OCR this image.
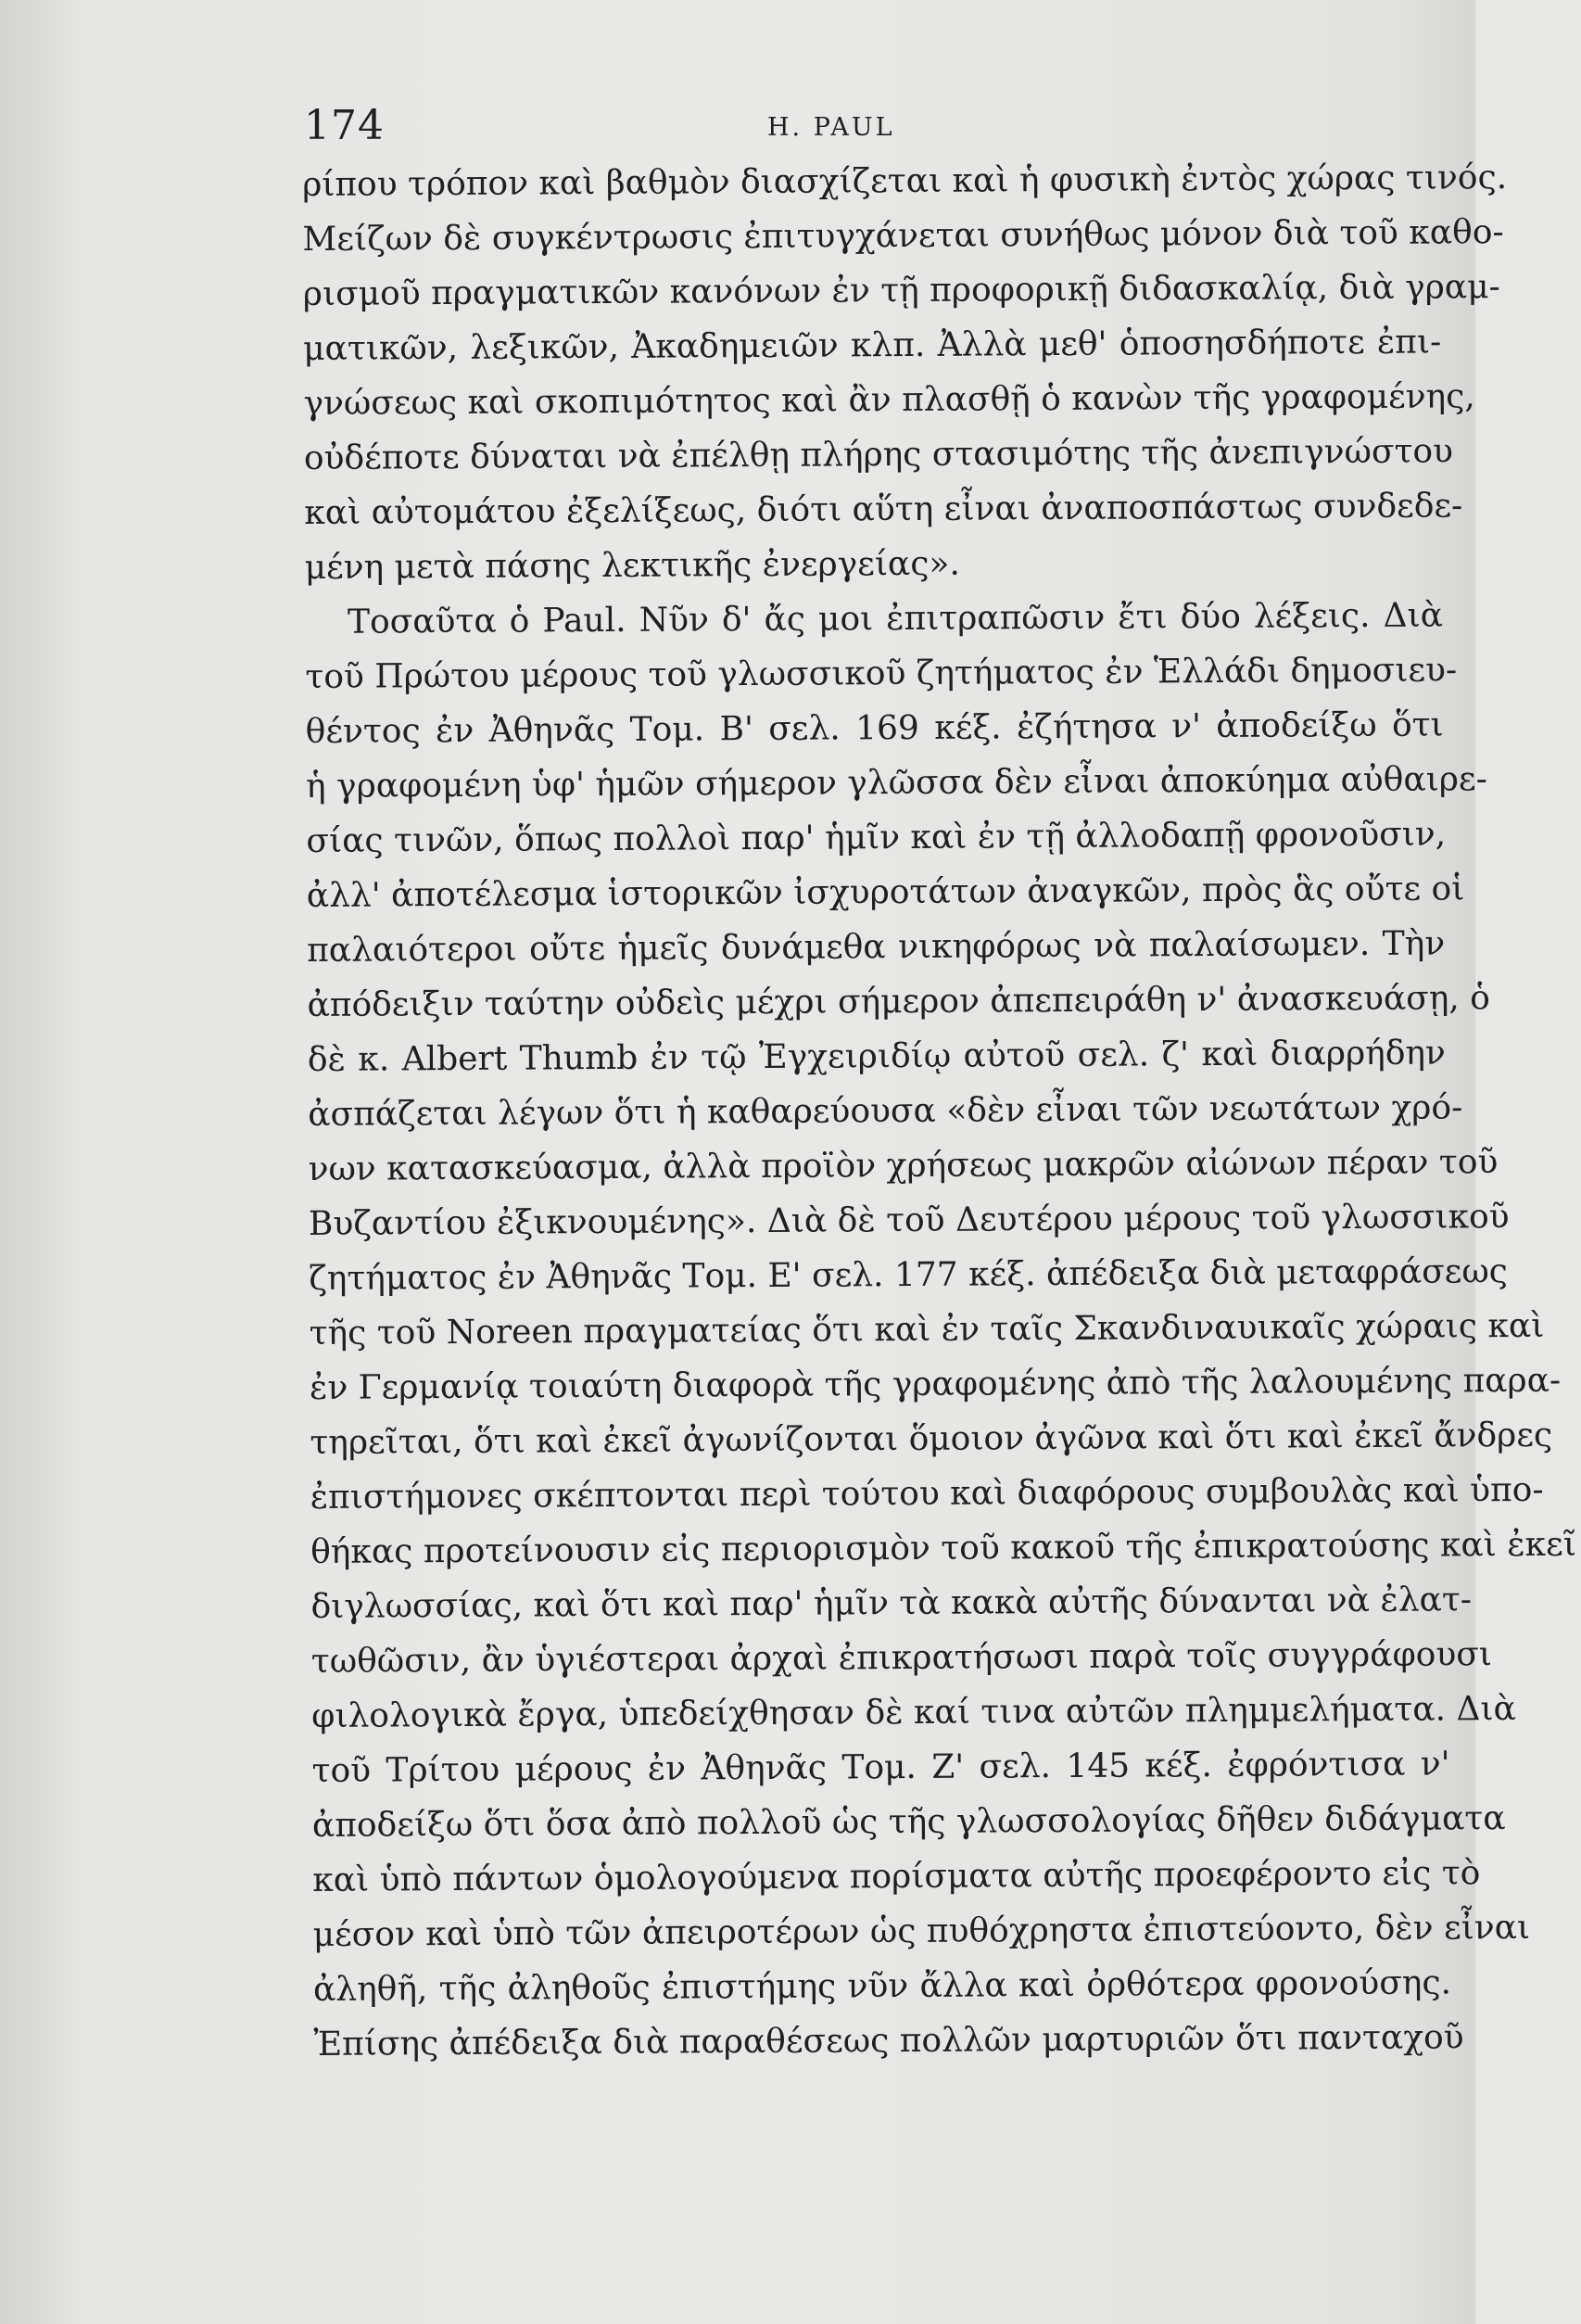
174	H. PAUL
ρίπου τρόπον καὶ βαθμὸν διασχίζεται καὶ ἡ φυσικὴ ἐντὸς χώρας τινός.
Μείζων δὲ συγκέντρωσις ἐπιτυγχάνεται συνήθως μόνον διὰ τοῦ καθο-
ρισμοῦ πραγματικῶν κανόνων ἐν τῇ προφορικῇ διδασκαλίᾳ, διὰ γραμ-
ματικῶν, λεξικῶν, Ἀκαδημειῶν κλπ. Ἀλλὰ μεθ' ὁποσησδήποτε ἐπι-
γνώσεως καὶ σκοπιμότητος καὶ ἂν πλασθῇ ὁ κανὼν τῆς γραφομένης,
οὐδέποτε δύναται νὰ ἐπέλθῃ πλήρης στασιμότης τῆς ἀνεπιγνώστου
καὶ αὐτομάτου ἐξελίξεως, διότι αὕτη εἶναι ἀναποσπάστως συνδεδε-
μένη μετὰ πάσης λεκτικῆς ἐνεργείας».
Τοσαῦτα ὁ Paul. Νῦν δ' ἄς μοι ἐπιτραπῶσιν ἔτι δύο λέξεις. Διὰ
τοῦ Πρώτου μέρους τοῦ γλωσσικοῦ ζητήματος ἐν Ἑλλάδι δημοσιευ-
θέντος ἐν Ἀθηνᾶς Τομ. Β' σελ. 169 κέξ. ἐζήτησα ν' ἀποδείξω ὅτι
ἡ γραφομένη ὑφ' ἡμῶν σήμερον γλῶσσα δὲν εἶναι ἀποκύημα αὐθαιρε-
σίας τινῶν, ὅπως πολλοὶ παρ' ἡμῖν καὶ ἐν τῇ ἀλλοδαπῇ φρονοῦσιν,
ἀλλ' ἀποτέλεσμα ἱστορικῶν ἰσχυροτάτων ἀναγκῶν, πρὸς ἃς οὔτε οἱ
παλαιότεροι οὔτε ἡμεῖς δυνάμεθα νικηφόρως νὰ παλαίσωμεν. Τὴν
ἀπόδειξιν ταύτην οὐδεὶς μέχρι σήμερον ἀπεπειράθη ν' ἀνασκευάσῃ, ὁ
δὲ κ. Albert Thumb ἐν τῷ Ἐγχειριδίῳ αὐτοῦ σελ. ζ' καὶ διαρρήδην
ἀσπάζεται λέγων ὅτι ἡ καθαρεύουσα «δὲν εἶναι τῶν νεωτάτων χρό-
νων κατασκεύασμα, ἀλλὰ προϊὸν χρήσεως μακρῶν αἰώνων πέραν τοῦ
Βυζαντίου ἐξικνουμένης». Διὰ δὲ τοῦ Δευτέρου μέρους τοῦ γλωσσικοῦ
ζητήματος ἐν Ἀθηνᾶς Τομ. Ε' σελ. 177 κέξ. ἀπέδειξα διὰ μεταφράσεως
τῆς τοῦ Noreen πραγματείας ὅτι καὶ ἐν ταῖς Σκανδιναυικαῖς χώραις καὶ
ἐν Γερμανίᾳ τοιαύτη διαφορὰ τῆς γραφομένης ἀπὸ τῆς λαλουμένης παρα-
τηρεῖται, ὅτι καὶ ἐκεῖ ἀγωνίζονται ὅμοιον ἀγῶνα καὶ ὅτι καὶ ἐκεῖ ἄνδρες
ἐπιστήμονες σκέπτονται περὶ τούτου καὶ διαφόρους συμβουλὰς καὶ ὑπο-
θήκας προτείνουσιν εἰς περιορισμὸν τοῦ κακοῦ τῆς ἐπικρατούσης καὶ ἐκεῖ
διγλωσσίας, καὶ ὅτι καὶ παρ' ἡμῖν τὰ κακὰ αὐτῆς δύνανται νὰ ἐλατ-
τωθῶσιν, ἂν ὑγιέστεραι ἀρχαὶ ἐπικρατήσωσι παρὰ τοῖς συγγράφουσι
φιλολογικὰ ἔργα, ὑπεδείχθησαν δὲ καί τινα αὐτῶν πλημμελήματα. Διὰ
τοῦ Τρίτου μέρους ἐν Ἀθηνᾶς Τομ. Ζ' σελ. 145 κέξ. ἐφρόντισα ν'
ἀποδείξω ὅτι ὅσα ἀπὸ πολλοῦ ὡς τῆς γλωσσολογίας δῆθεν διδάγματα
καὶ ὑπὸ πάντων ὁμολογούμενα πορίσματα αὐτῆς προεφέροντο εἰς τὸ
μέσον καὶ ὑπὸ τῶν ἀπειροτέρων ὡς πυθόχρηστα ἐπιστεύοντο, δὲν εἶναι
ἀληθῆ, τῆς ἀληθοῦς ἐπιστήμης νῦν ἄλλα καὶ ὀρθότερα φρονούσης.
Ἐπίσης ἀπέδειξα διὰ παραθέσεως πολλῶν μαρτυριῶν ὅτι πανταχοῦ
